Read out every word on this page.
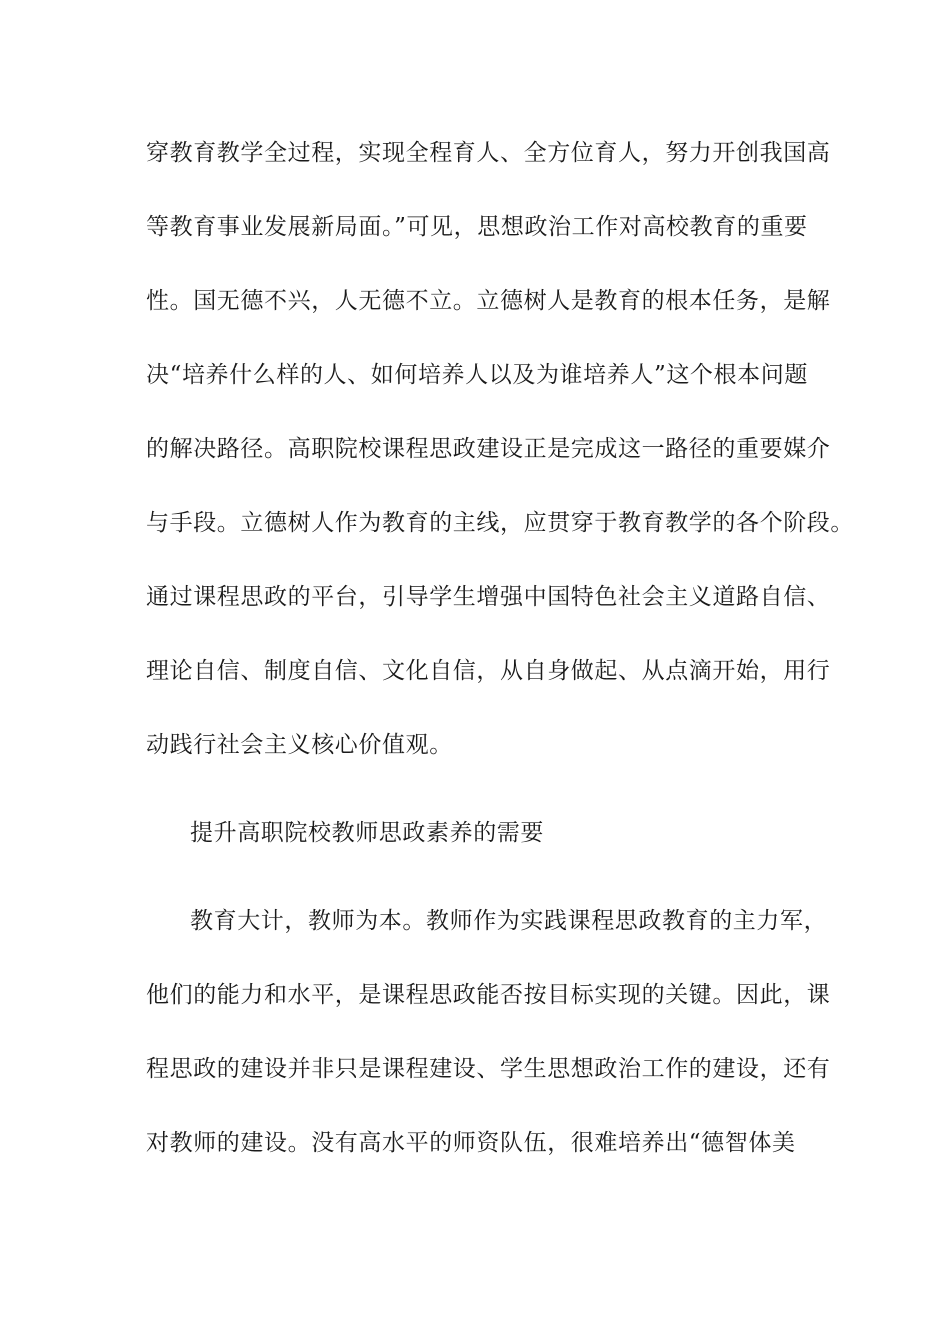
穿教育教学全过程，实现全程育人、全方位育人，努力开创我国高
等教育事业发展新局面。”可见，思想政治工作对高校教育的重要
性。国无德不兴，人无德不立。立德树人是教育的根本任务，是解
决“培养什么样的人、如何培养人以及为谁培养人”这个根本问题
的解决路径。高职院校课程思政建设正是完成这一路径的重要媒介
与手段。立德树人作为教育的主线，应贯穿于教育教学的各个阶段。
通过课程思政的平台，引导学生增强中国特色社会主义道路自信、
理论自信、制度自信、文化自信，从自身做起、从点滴开始，用行
动践行社会主义核心价值观。
提升高职院校教师思政素养的需要
教育大计，教师为本。教师作为实践课程思政教育的主力军，
他们的能力和水平，是课程思政能否按目标实现的关键。因此，课
程思政的建设并非只是课程建设、学生思想政治工作的建设，还有
对教师的建设。没有高水平的师资队伍，很难培养出“德智体美
